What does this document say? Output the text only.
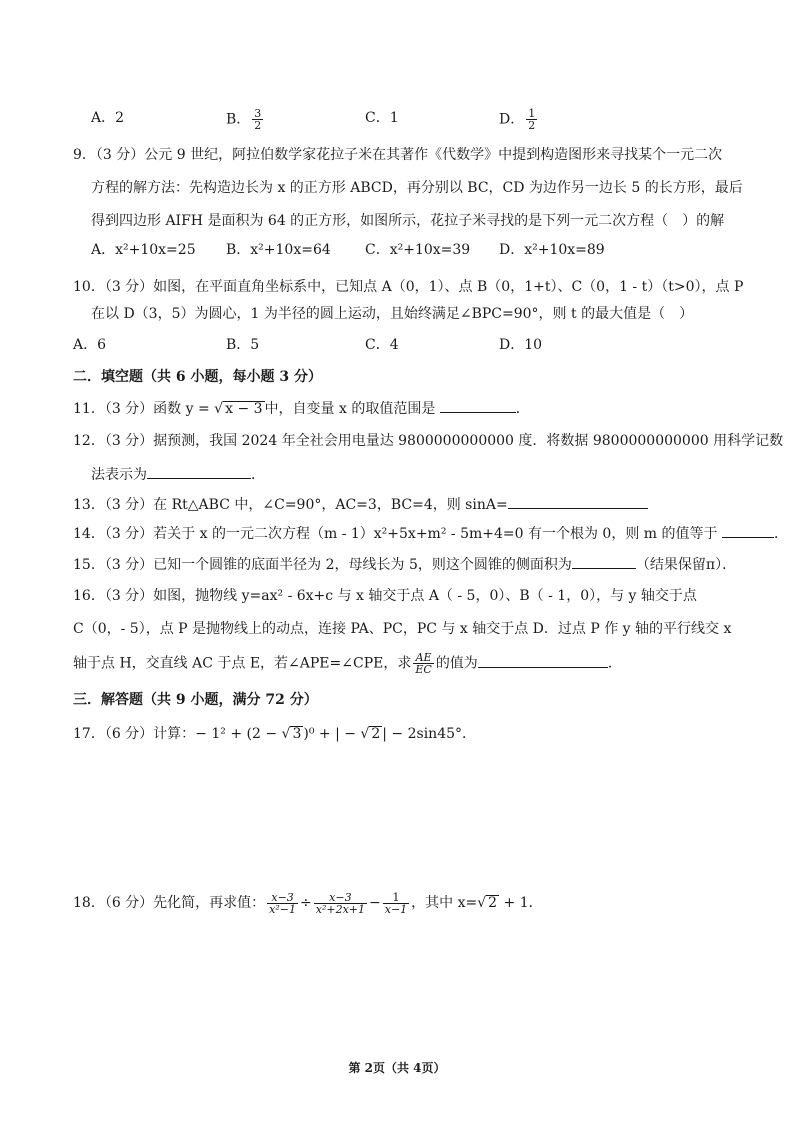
A．2	B． $\frac{3}{2}$	C．1	D． $\frac{1}{2}$
9．（3 分）公元 9 世纪，阿拉伯数学家花拉子米在其著作《代数学》中提到构造图形来寻找某个一元二次
方程的解方法：先构造边长为 x 的正方形 ABCD，再分别以 BC，CD 为边作另一边长 5 的长方形，最后
得到四边形 AIFH 是面积为 64 的正方形，如图所示，花拉子米寻找的是下列一元二次方程（　）的解
A．x²+10x=25 B．x²+10x=64 C．x²+10x=39 D．x²+10x=89
10．（3 分）如图，在平面直角坐标系中，已知点 A（0，1）、点 B（0，1+t）、C（0，1 - t）（t>0），点 P
在以 D（3，5）为圆心，1 为半径的圆上运动，且始终满足∠BPC=90°，则 t 的最大值是（　）
A．6	B．5	C．4	D．10
二．填空题（共 6 小题，每小题 3 分）
11．（3 分）函数 y = √ x − 3 中，自变量 x 的取值范围是	．
12．（3 分）据预测，我国 2024 年全社会用电量达 9800000000000 度．将数据 9800000000000 用科学记数
法表示为	．
13．（3 分）在 Rt△ABC 中，∠C=90°，AC=3，BC=4，则 sinA=
14．（3 分）若关于 x 的一元二次方程（m - 1）x²+5x+m² - 5m+4=0 有一个根为 0，则 m 的值等于	．
15．（3 分）已知一个圆锥的底面半径为 2，母线长为 5，则这个圆锥的侧面积为	（结果保留π）．
16．（3 分）如图，抛物线 y=ax² - 6x+c 与 x 轴交于点 A（ - 5，0）、B（ - 1，0），与 y 轴交于点
C（0，- 5），点 P 是抛物线上的动点，连接 PA、PC，PC 与 x 轴交于点 D．过点 P 作 y 轴的平行线交 x
轴于点 H，交直线 AC 于点 E，若∠APE=∠CPE，求 $\frac{AE}{EC}$ 的值为	．
三．解答题（共 9 小题，满分 72 分）
17．（6 分）计算：− 1² + (2 − √ 3 )⁰ + | − √ 2 | − 2sin45°．
18．（6 分）先化简，再求值： $\frac{x-3}{\text{x²−1}} \div \frac{x-3}{\text{x²+2x+1}} - \frac{1}{x-1}$ ，其中 x=√ 2 + 1．
第 2页（共 4页）
